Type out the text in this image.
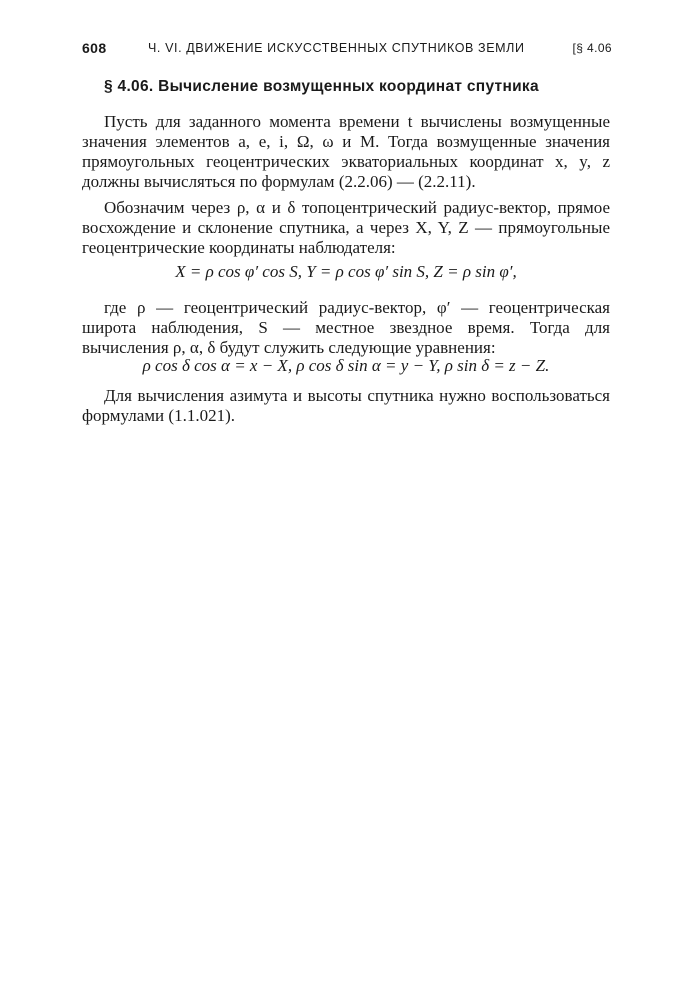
608	Ч. VI. ДВИЖЕНИЕ ИСКУССТВЕННЫХ СПУТНИКОВ ЗЕМЛИ	[§ 4.06
§ 4.06. Вычисление возмущенных координат спутника

Пусть для заданного момента времени t вычислены возмущенные значения элементов a, e, i, Ω, ω и M. Тогда возмущенные значения прямоугольных геоцентрических экваториальных координат x, y, z должны вычисляться по формулам (2.2.06) — (2.2.11).

Обозначим через ρ, α и δ топоцентрический радиус-вектор, прямое восхождение и склонение спутника, а через X, Y, Z — прямоугольные геоцентрические координаты наблюдателя:

X = ρ cos φ′ cos S, Y = ρ cos φ′ sin S, Z = ρ sin φ′,

где ρ — геоцентрический радиус-вектор, φ′ — геоцентрическая широта наблюдения, S — местное звездное время. Тогда для вычисления ρ, α, δ будут служить следующие уравнения:

ρ cos δ cos α = x − X, ρ cos δ sin α = y − Y, ρ sin δ = z − Z.

Для вычисления азимута и высоты спутника нужно воспользоваться формулами (1.1.021).
